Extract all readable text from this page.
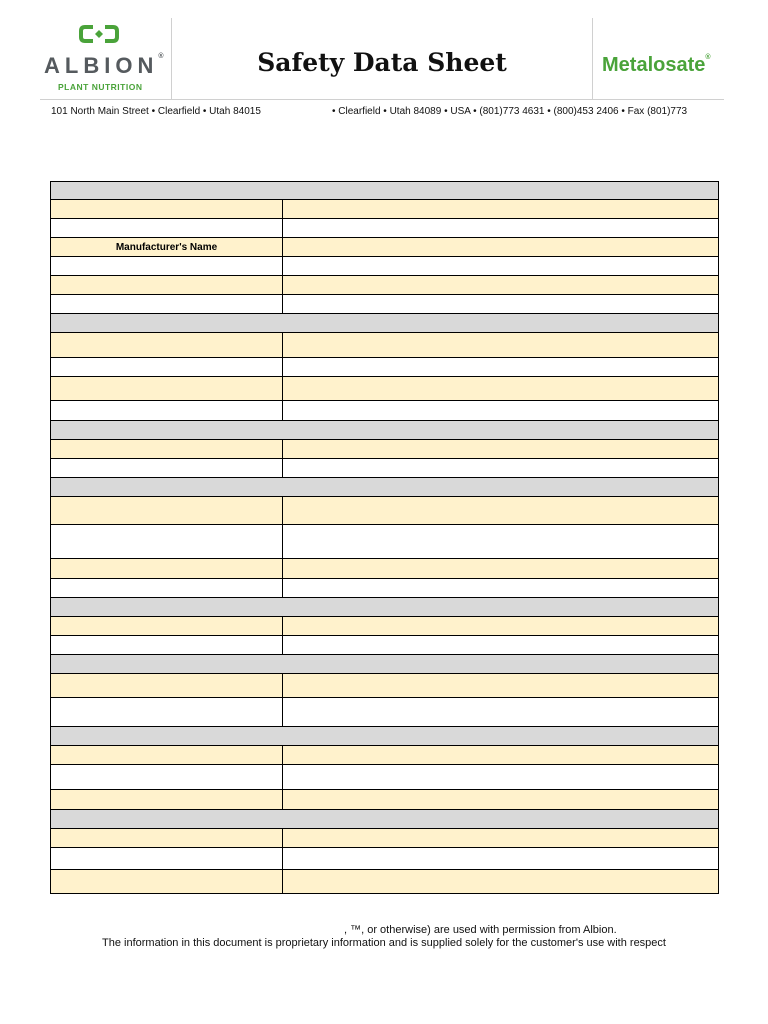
ALBION®
PLANT NUTRITION
Safety Data Sheet	Metalosate®
101 North Main Street • Clearfield • Utah 84015	• Clearfield • Utah 84089 • USA • (801)773 4631 • (800)453 2406 • Fax (801)773
Manufacturer's Name
, ™, or otherwise) are used with permission from Albion.
The information in this document is proprietary information and is supplied solely for the customer's use with respect
